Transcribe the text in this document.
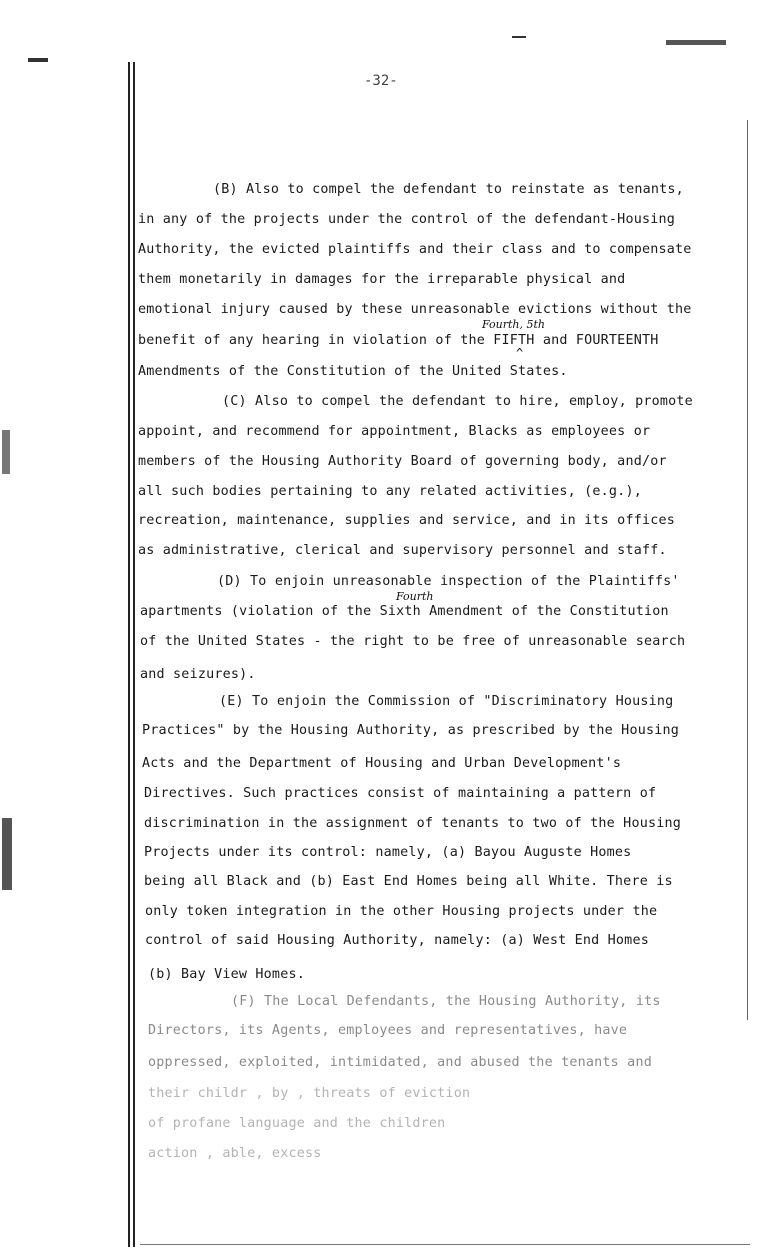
-32-
(B) Also to compel the defendant to reinstate as tenants,
in any of the projects under the control of the defendant-Housing
Authority, the evicted plaintiffs and their class and to compensate
them monetarily in damages for the irreparable physical and
emotional injury caused by these unreasonable evictions without the
benefit of any hearing in violation of the FIFTH and FOURTEENTH
Amendments of the Constitution of the United States.
Fourth, 5th
^
(C) Also to compel the defendant to hire, employ, promote
appoint, and recommend for appointment, Blacks as employees or
members of the Housing Authority Board of governing body, and/or
all such bodies pertaining to any related activities, (e.g.),
recreation, maintenance, supplies and service, and in its offices
as administrative, clerical and supervisory personnel and staff.
(D) To enjoin unreasonable inspection of the Plaintiffs'
apartments (violation of the Sixth Amendment of the Constitution
of the United States - the right to be free of unreasonable search
and seizures).
Fourth
(E) To enjoin the Commission of "Discriminatory Housing
Practices" by the Housing Authority, as prescribed by the Housing
Acts and the Department of Housing and Urban Development's
Directives. Such practices consist of maintaining a pattern of
discrimination in the assignment of tenants to two of the Housing
Projects under its control: namely, (a) Bayou Auguste Homes
being all Black and (b) East End Homes being all White. There is
only token integration in the other Housing projects under the
control of said Housing Authority, namely: (a) West End Homes
(b) Bay View Homes.
(F) The Local Defendants, the Housing Authority, its
Directors, its Agents, employees and representatives, have
oppressed, exploited, intimidated, and abused the tenants and
their childr , by , threats of eviction
of profane language and the children
action , able, excess
